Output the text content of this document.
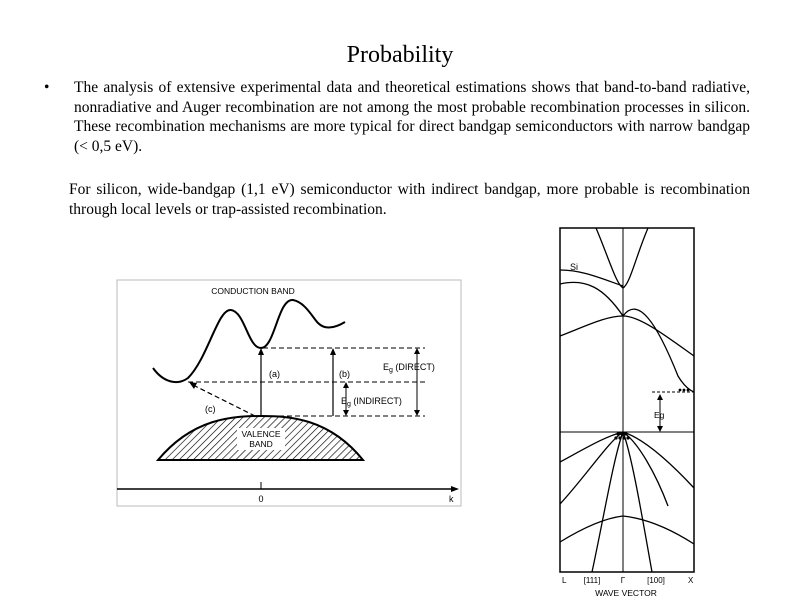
Probability
• The analysis of extensive experimental data and theoretical estimations shows that band-to-band radiative, nonradiative and Auger recombination are not among the most probable recombination processes in silicon. These recombination mechanisms are more typical for direct bandgap semiconductors with narrow bandgap (< 0,5 eV).
For silicon, wide-bandgap (1,1 eV) semiconductor with indirect bandgap, more probable is recombination through local levels or trap-assisted recombination.
VALENCE
BAND
CONDUCTION BAND
(a)	(b)
(c)
$E_g$ (DIRECT)
$E_g$ (INDIRECT)
0	k
Eg
Si
L [111]	Γ	[100]	X
WAVE VECTOR
